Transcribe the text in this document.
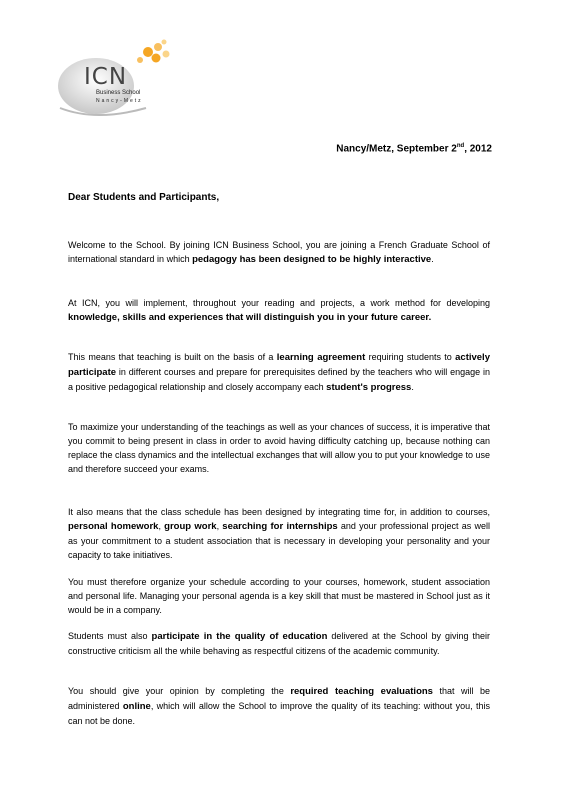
ICN
Business School
Nancy-Metz
Nancy/Metz, September 2nd, 2012
Dear Students and Participants,
Welcome to the School. By joining ICN Business School, you are joining a French Graduate School of international standard in which pedagogy has been designed to be highly interactive.
At ICN, you will implement, throughout your reading and projects, a work method for developing knowledge, skills and experiences that will distinguish you in your future career.
This means that teaching is built on the basis of a learning agreement requiring students to actively participate in different courses and prepare for prerequisites defined by the teachers who will engage in a positive pedagogical relationship and closely accompany each student's progress.
To maximize your understanding of the teachings as well as your chances of success, it is imperative that you commit to being present in class in order to avoid having difficulty catching up, because nothing can replace the class dynamics and the intellectual exchanges that will allow you to put your knowledge to use and therefore succeed your exams.
It also means that the class schedule has been designed by integrating time for, in addition to courses, personal homework, group work, searching for internships and your professional project as well as your commitment to a student association that is necessary in developing your personality and your capacity to take initiatives.
You must therefore organize your schedule according to your courses, homework, student association and personal life. Managing your personal agenda is a key skill that must be mastered in School just as it would be in a company.
Students must also participate in the quality of education delivered at the School by giving their constructive criticism all the while behaving as respectful citizens of the academic community.
You should give your opinion by completing the required teaching evaluations that will be administered online, which will allow the School to improve the quality of its teaching: without you, this can not be done.
